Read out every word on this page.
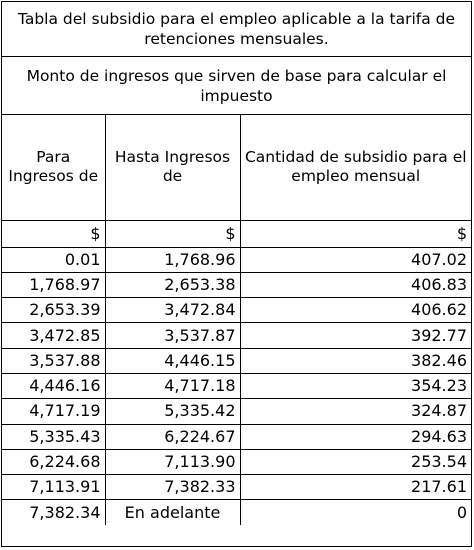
Tabla del subsidio para el empleo aplicable a la tarifa de retenciones mensuales.
Monto de ingresos que sirven de base para calcular el impuesto
Para Ingresos de	Hasta Ingresos de	Cantidad de subsidio para el empleo mensual
$	$	$
0.01	1,768.96	407.02
1,768.97	2,653.38	406.83
2,653.39	3,472.84	406.62
3,472.85	3,537.87	392.77
3,537.88	4,446.15	382.46
4,446.16	4,717.18	354.23
4,717.19	5,335.42	324.87
5,335.43	6,224.67	294.63
6,224.68	7,113.90	253.54
7,113.91	7,382.33	217.61
7,382.34	En adelante	0
